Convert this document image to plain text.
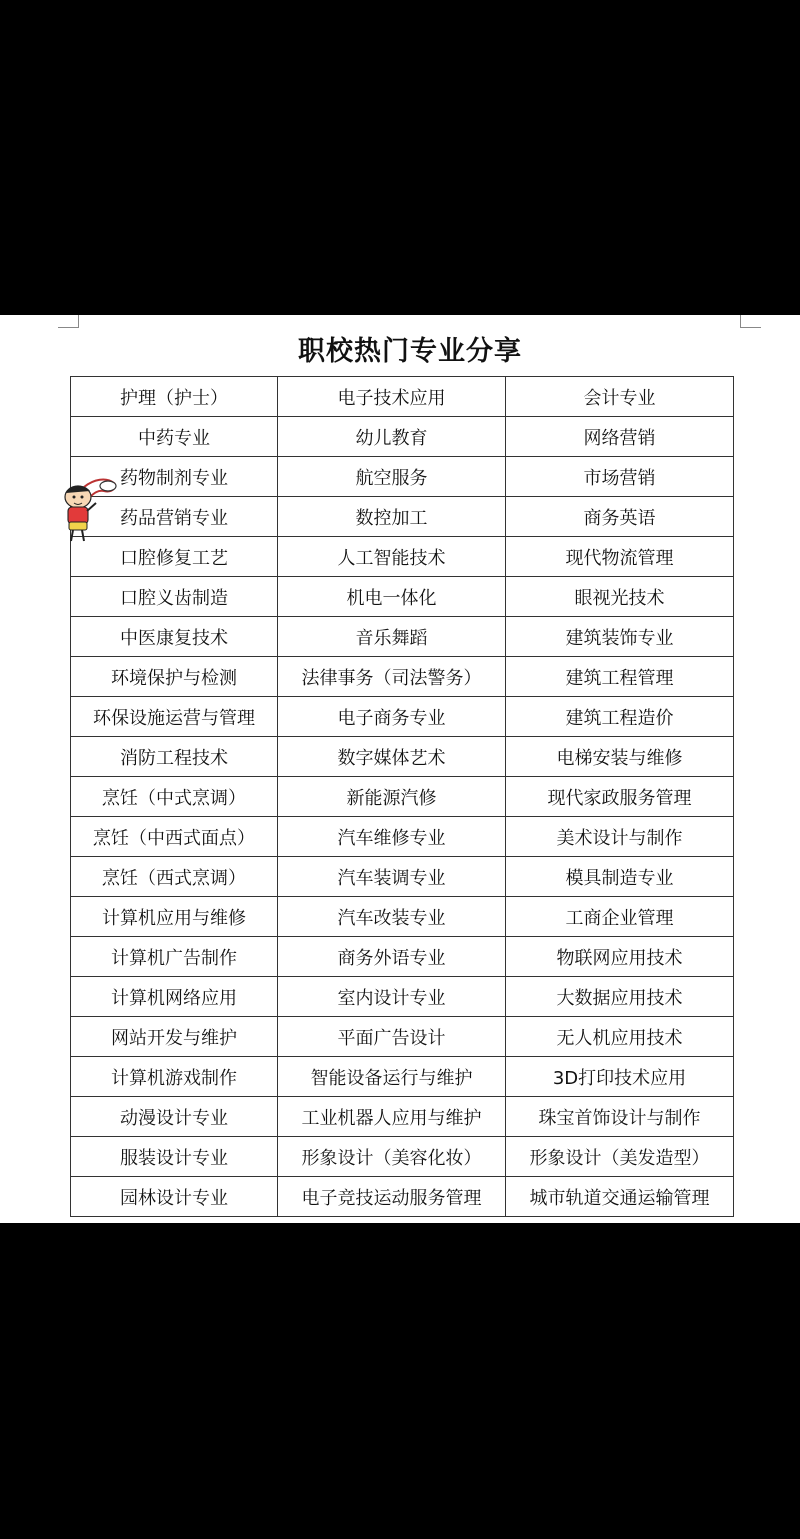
职校热门专业分享
护理（护士）	电子技术应用	会计专业
中药专业	幼儿教育	网络营销
药物制剂专业	航空服务	市场营销
药品营销专业	数控加工	商务英语
口腔修复工艺	人工智能技术	现代物流管理
口腔义齿制造	机电一体化	眼视光技术
中医康复技术	音乐舞蹈	建筑装饰专业
环境保护与检测	法律事务（司法警务）	建筑工程管理
环保设施运营与管理	电子商务专业	建筑工程造价
消防工程技术	数字媒体艺术	电梯安装与维修
烹饪（中式烹调）	新能源汽修	现代家政服务管理
烹饪（中西式面点）	汽车维修专业	美术设计与制作
烹饪（西式烹调）	汽车装调专业	模具制造专业
计算机应用与维修	汽车改装专业	工商企业管理
计算机广告制作	商务外语专业	物联网应用技术
计算机网络应用	室内设计专业	大数据应用技术
网站开发与维护	平面广告设计	无人机应用技术
计算机游戏制作	智能设备运行与维护	3D打印技术应用
动漫设计专业	工业机器人应用与维护	珠宝首饰设计与制作
服装设计专业	形象设计（美容化妆）	形象设计（美发造型）
园林设计专业	电子竞技运动服务管理	城市轨道交通运输管理
